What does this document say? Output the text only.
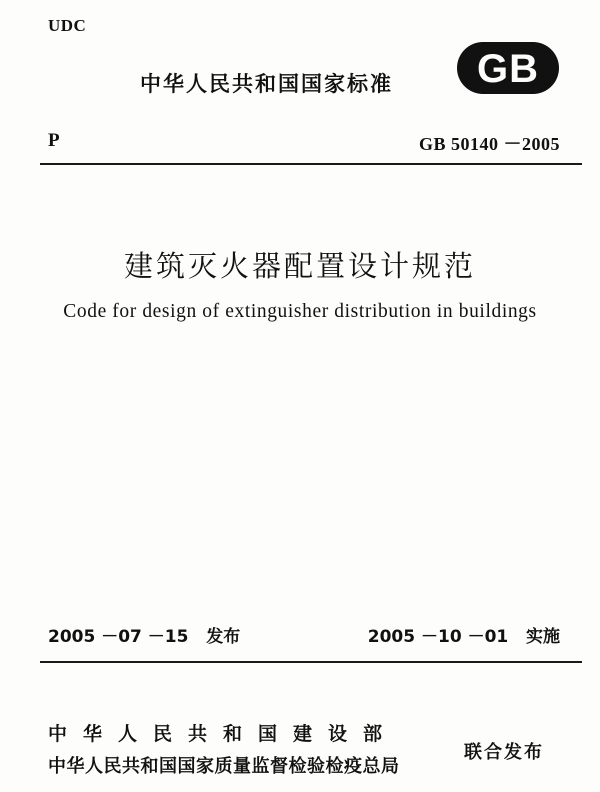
UDC
中华人民共和国国家标准 GB
P	GB 50140 －2005
建筑灭火器配置设计规范
Code for design of extinguisher distribution in buildings
2005 －07 －15   发布	2005 －10 －01   实施
中华人民共和国建设部
中华人民共和国国家质量监督检验检疫总局
联合发布
